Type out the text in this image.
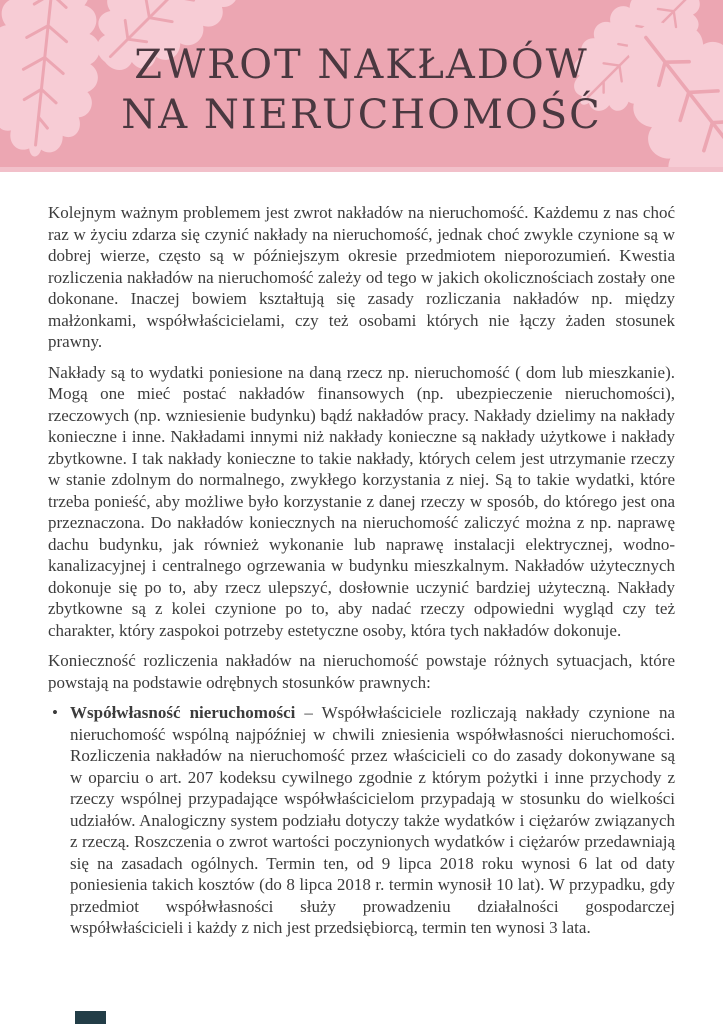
ZWROT NAKŁADÓW
NA NIERUCHOMOŚĆ

Kolejnym ważnym problemem jest zwrot nakładów na nieruchomość. Każdemu z nas choć raz w życiu zdarza się czynić nakłady na nieruchomość, jednak choć zwykle czynione są w dobrej wierze, często są w późniejszym okresie przedmiotem nieporozumień. Kwestia rozliczenia nakładów na nieruchomość zależy od tego w jakich okolicznościach zostały one dokonane. Inaczej bowiem kształtują się zasady rozliczania nakładów np. między małżonkami, współwłaścicielami, czy też osobami których nie łączy żaden stosunek prawny.

Nakłady są to wydatki poniesione na daną rzecz np. nieruchomość ( dom lub mieszkanie). Mogą one mieć postać nakładów finansowych (np. ubezpieczenie nieruchomości), rzeczowych (np. wzniesienie budynku) bądź nakładów pracy. Nakłady dzielimy na nakłady konieczne i inne. Nakładami innymi niż nakłady konieczne są nakłady użytkowe i nakłady zbytkowne. I tak nakłady konieczne to takie nakłady, których celem jest utrzymanie rzeczy w stanie zdolnym do normalnego, zwykłego korzystania z niej. Są to takie wydatki, które trzeba ponieść, aby możliwe było korzystanie z danej rzeczy w sposób, do którego jest ona przeznaczona. Do nakładów koniecznych na nieruchomość zaliczyć można z np. naprawę dachu budynku, jak również wykonanie lub naprawę instalacji elektrycznej, wodno-kanalizacyjnej i centralnego ogrzewania w budynku mieszkalnym. Nakładów użytecznych dokonuje się po to, aby rzecz ulepszyć, dosłownie uczynić bardziej użyteczną. Nakłady zbytkowne są z kolei czynione po to, aby nadać rzeczy odpowiedni wygląd czy też charakter, który zaspokoi potrzeby estetyczne osoby, która tych nakładów dokonuje.

Konieczność rozliczenia nakładów na nieruchomość powstaje różnych sytuacjach, które powstają na podstawie odrębnych stosunków prawnych:

• Współwłasność nieruchomości – Współwłaściciele rozliczają nakłady czynione na nieruchomość wspólną najpóźniej w chwili zniesienia współwłasności nieruchomości. Rozliczenia nakładów na nieruchomość przez właścicieli co do zasady dokonywane są w oparciu o art. 207 kodeksu cywilnego zgodnie z którym pożytki i inne przychody z rzeczy wspólnej przypadające współwłaścicielom przypadają w stosunku do wielkości udziałów. Analogiczny system podziału dotyczy także wydatków i ciężarów związanych z rzeczą. Roszczenia o zwrot wartości poczynionych wydatków i ciężarów przedawniają się na zasadach ogólnych. Termin ten, od 9 lipca 2018 roku wynosi 6 lat od daty poniesienia takich kosztów (do 8 lipca 2018 r. termin wynosił 10 lat). W przypadku, gdy przedmiot współwłasności służy prowadzeniu działalności gospodarczej współwłaścicieli i każdy z nich jest przedsiębiorcą, termin ten wynosi 3 lata.
